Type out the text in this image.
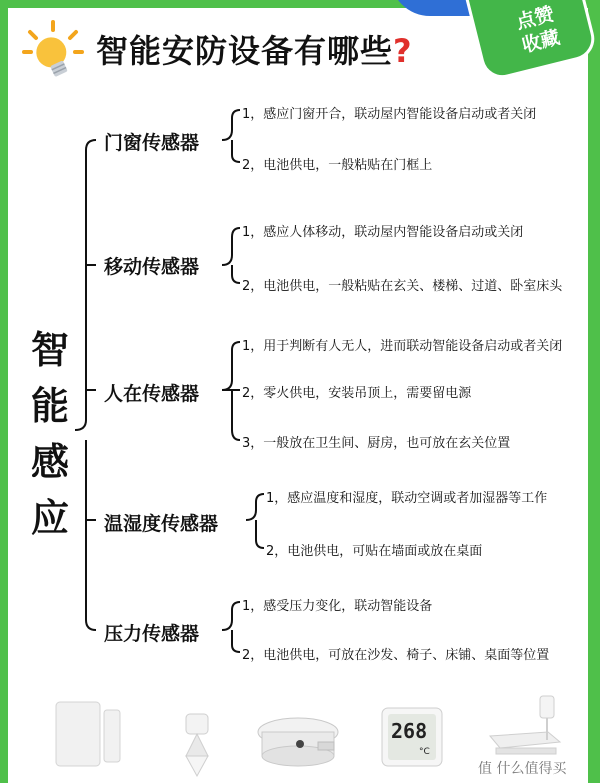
点赞
收藏
智能安防设备有哪些?
智
能
感
应
门窗传感器
移动传感器
人在传感器
温湿度传感器
压力传感器
1，感应门窗开合，联动屋内智能设备启动或者关闭
2，电池供电，一般粘贴在门框上
1，感应人体移动，联动屋内智能设备启动或关闭
2，电池供电，一般粘贴在玄关、楼梯、过道、卧室床头
1，用于判断有人无人，进而联动智能设备启动或者关闭
2，零火供电，安装吊顶上，需要留电源
3，一般放在卫生间、厨房，也可放在玄关位置
1，感应温度和湿度，联动空调或者加湿器等工作
2，电池供电，可贴在墙面或放在桌面
1，感受压力变化，联动智能设备
2，电池供电，可放在沙发、椅子、床铺、桌面等位置
268
°C
值 什么值得买
